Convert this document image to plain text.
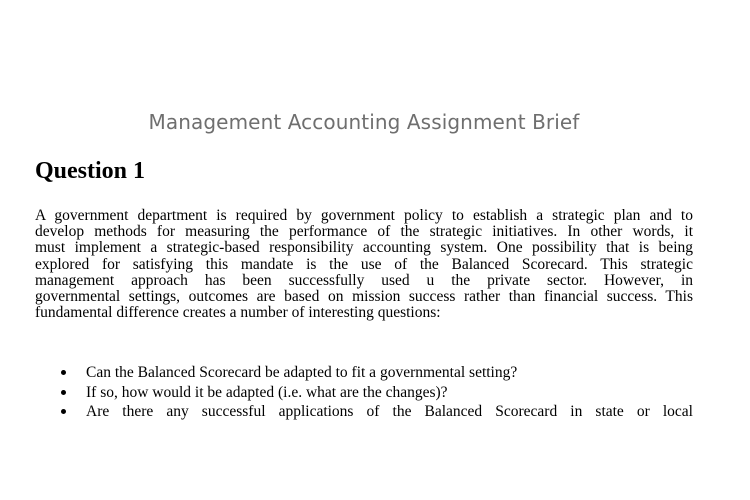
Management Accounting Assignment Brief
Question 1
A government department is required by government policy to establish a strategic plan and to
develop methods for measuring the performance of the strategic initiatives. In other words, it
must implement a strategic-based responsibility accounting system. One possibility that is being
explored for satisfying this mandate is the use of the Balanced Scorecard. This strategic
management approach has been successfully used u the private sector. However, in
governmental settings, outcomes are based on mission success rather than financial success. This
fundamental difference creates a number of interesting questions:
Can the Balanced Scorecard be adapted to fit a governmental setting?
If so, how would it be adapted (i.e. what are the changes)?
Are there any successful applications of the Balanced Scorecard in state or local
